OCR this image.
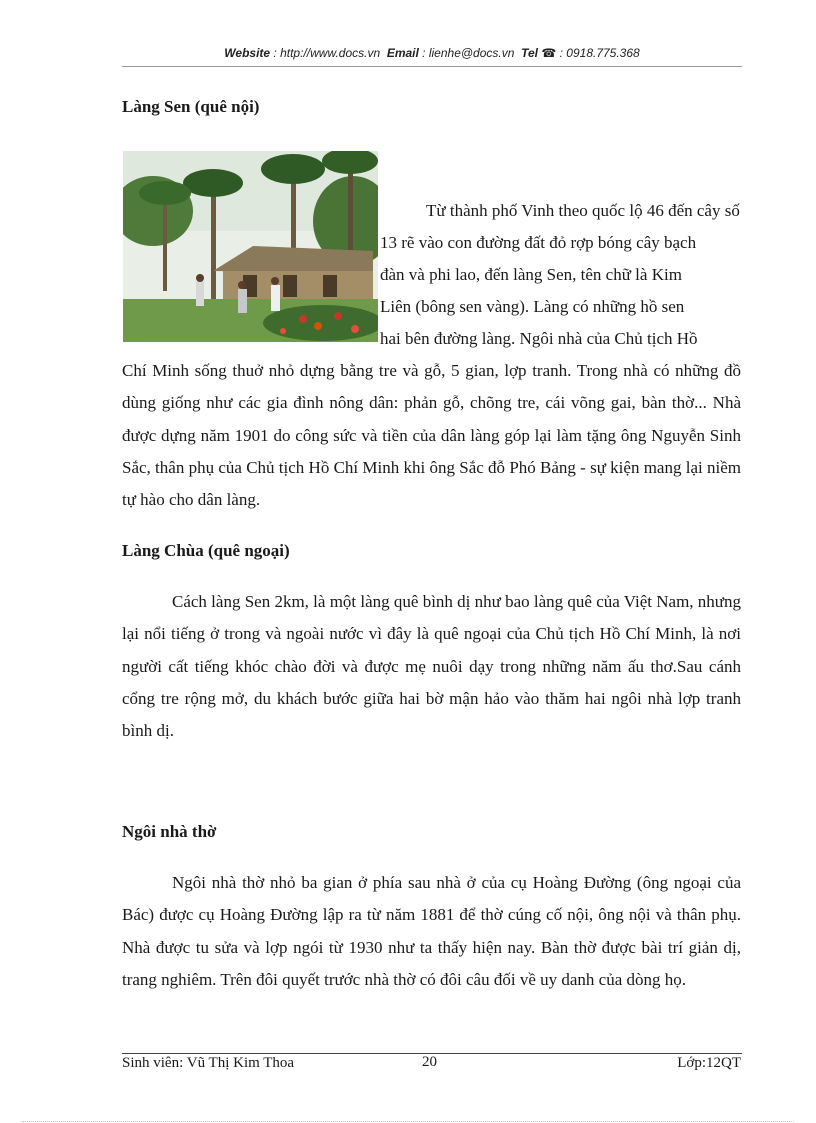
Website : http://www.docs.vn Email : lienhe@docs.vn Tel ☎ : 0918.775.368
Làng Sen (quê nội)

Từ thành phố Vinh theo quốc lộ 46 đến cây số

13 rẽ vào con đường đất đỏ rợp bóng cây bạch

đàn và phi lao, đến làng Sen, tên chữ là Kim

Liên (bông sen vàng). Làng có những hồ sen

hai bên đường làng. Ngôi nhà của Chủ tịch Hồ

Chí Minh sống thuở nhỏ dựng bằng tre và gỗ, 5 gian, lợp tranh. Trong nhà có những đồ dùng giống như các gia đình nông dân: phản gỗ, chõng tre, cái võng gai, bàn thờ... Nhà được dựng năm 1901 do công sức và tiền của dân làng góp lại làm tặng ông Nguyễn Sinh Sắc, thân phụ của Chủ tịch Hồ Chí Minh khi ông Sắc đỗ Phó Bảng - sự kiện mang lại niềm tự hào cho dân làng.

Làng Chùa (quê ngoại)

Cách làng Sen 2km, là một làng quê bình dị như bao làng quê của Việt Nam, nhưng lại nổi tiếng ở trong và ngoài nước vì đây là quê ngoại của Chủ tịch Hồ Chí Minh, là nơi người cất tiếng khóc chào đời và được mẹ nuôi dạy trong những năm ấu thơ.Sau cánh cổng tre rộng mở, du khách bước giữa hai bờ mận hảo vào thăm hai ngôi nhà lợp tranh bình dị.

Ngôi nhà thờ

Ngôi nhà thờ nhỏ ba gian ở phía sau nhà ở của cụ Hoàng Đường (ông ngoại của Bác) được cụ Hoàng Đường lập ra từ năm 1881 để thờ cúng cố nội, ông nội và thân phụ. Nhà được tu sửa và lợp ngói từ 1930 như ta thấy hiện nay. Bàn thờ được bài trí giản dị, trang nghiêm. Trên đôi quyết trước nhà thờ có đôi câu đối về uy danh của dòng họ.

Sinh viên: Vũ Thị Kim Thoa	20	Lớp:12QT
